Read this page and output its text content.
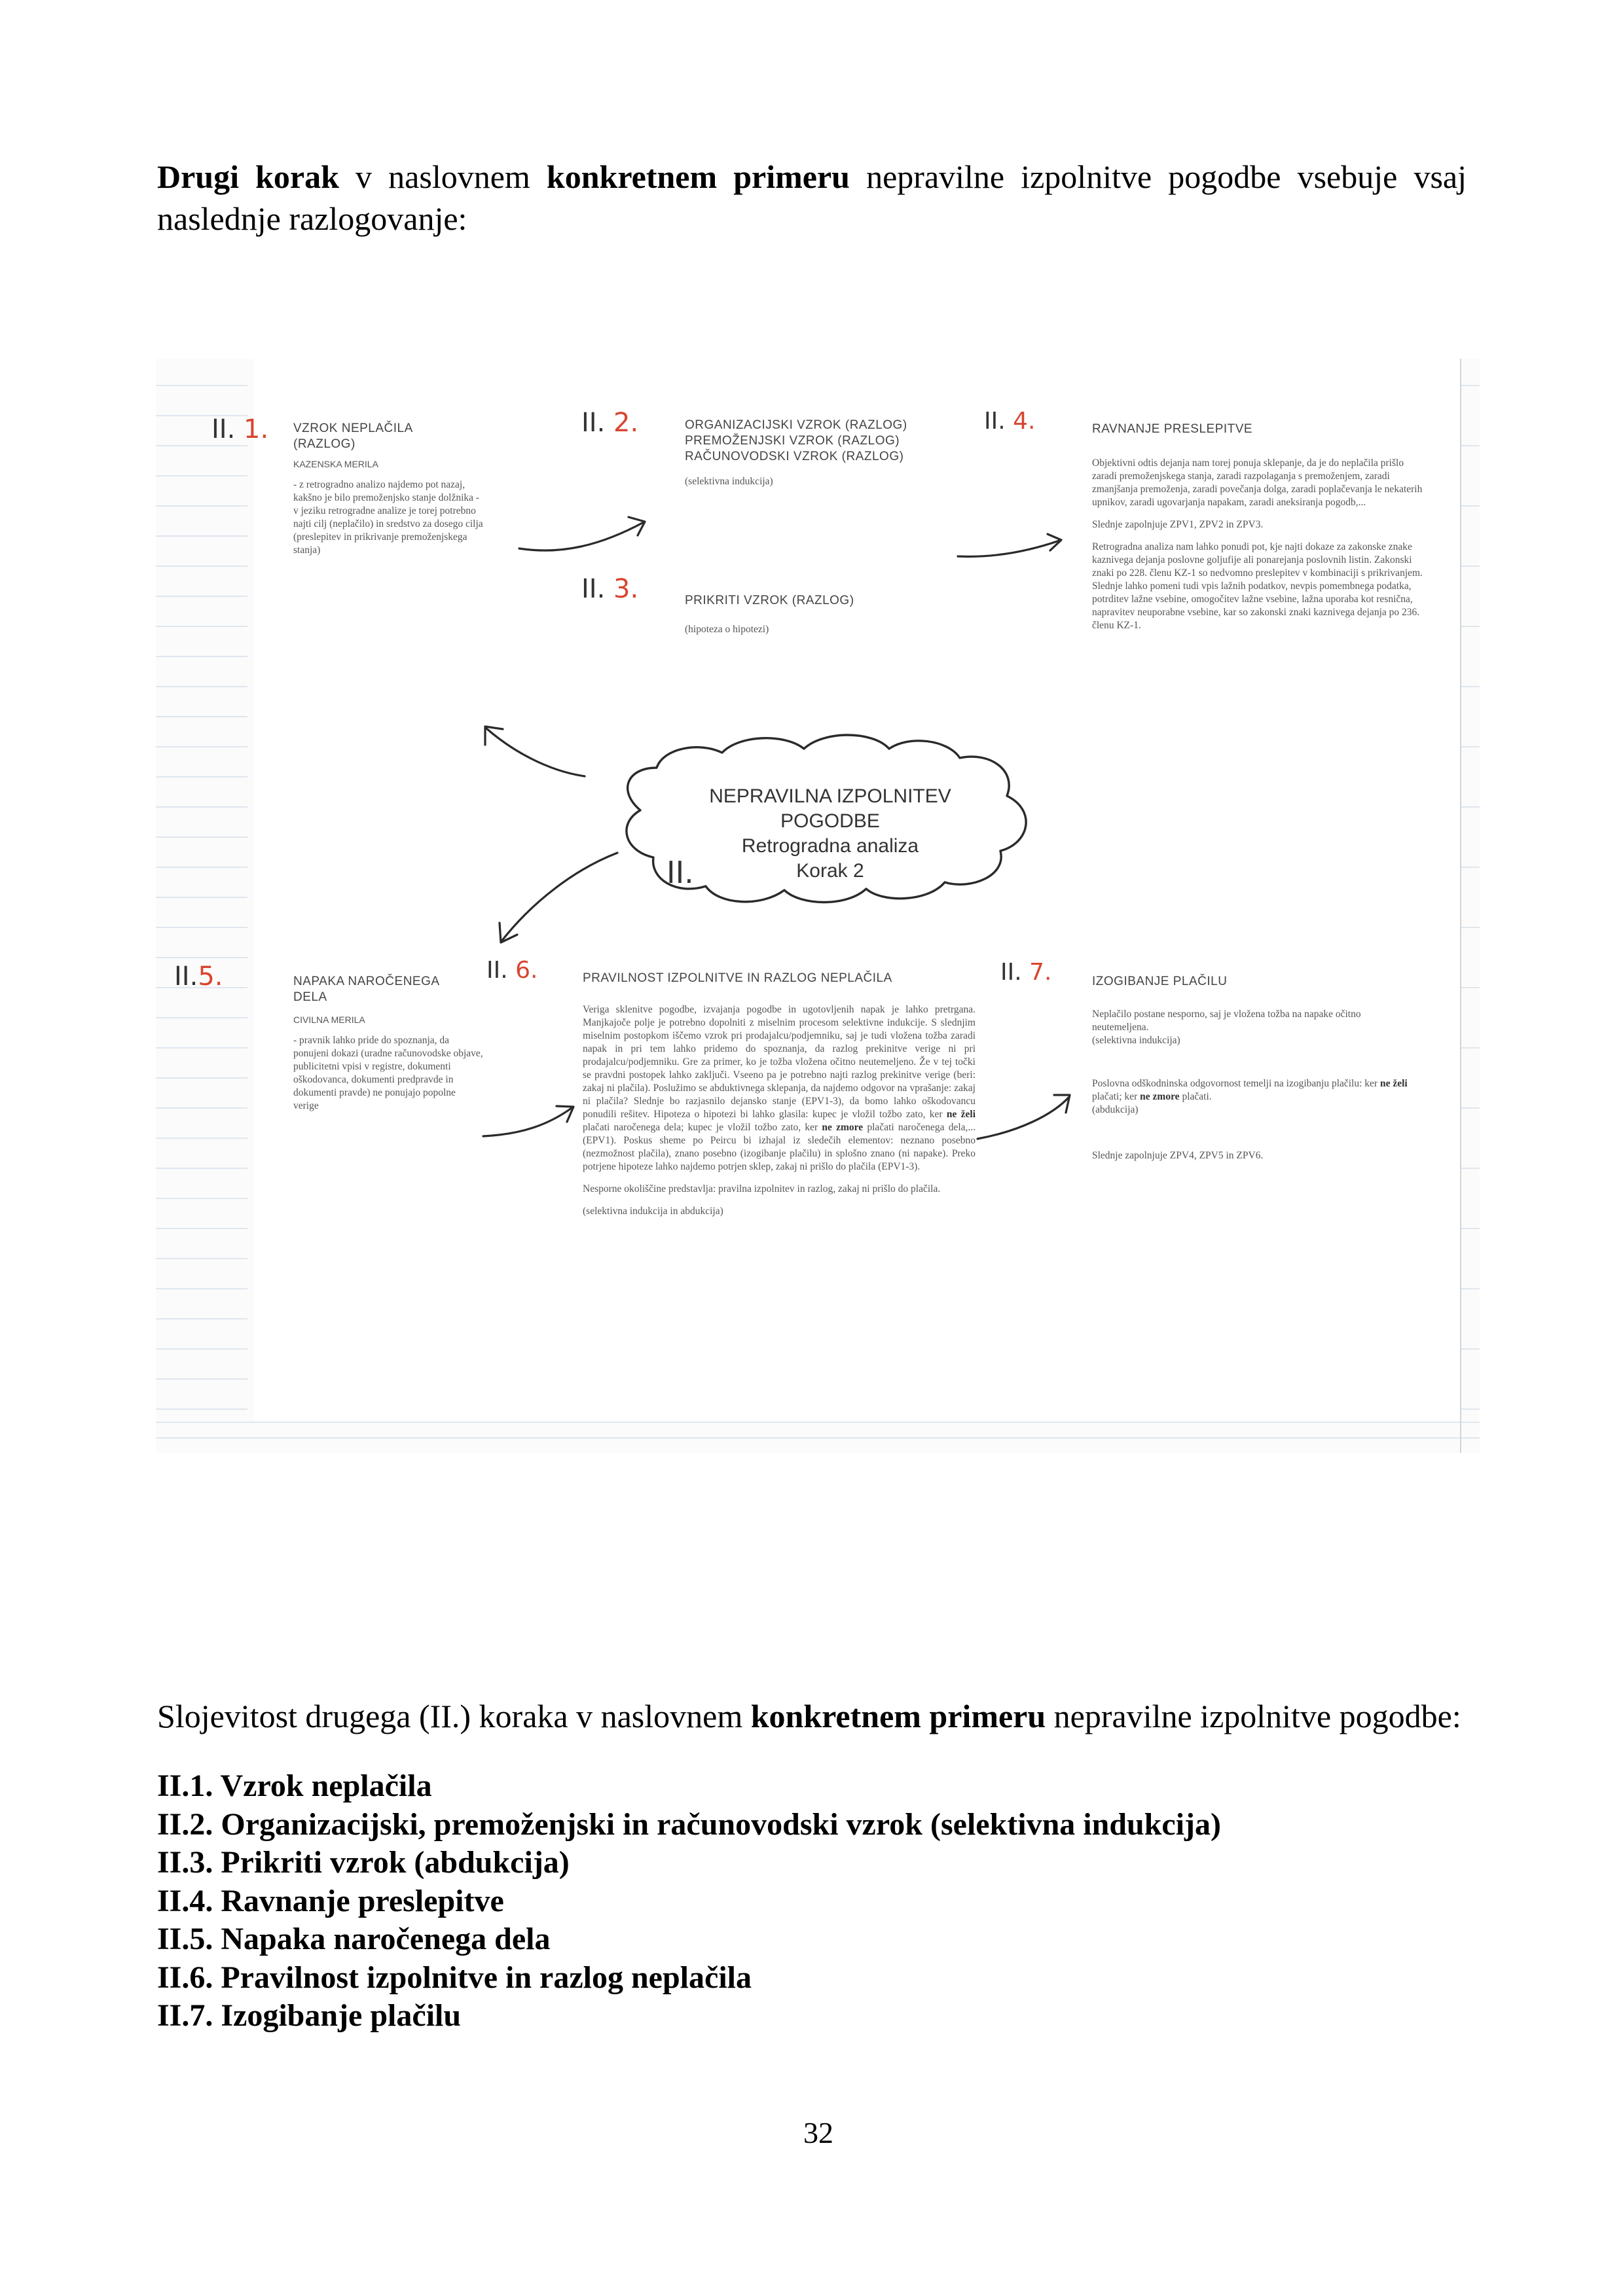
Drugi korak v naslovnem konkretnem primeru nepravilne izpolnitve pogodbe vsebuje vsaj naslednje razlogovanje:

II. 1.	II. 2.
II. 3.
II. 4.
II.5.	II. 6.	II. 7.
VZROK NEPLAČILA (RAZLOG)
KAZENSKA MERILA
- z retrogradno analizo najdemo pot nazaj, kakšno je bilo premoženjsko stanje dolžnika - v jeziku retrogradne analize je torej potrebno najti cilj (neplačilo) in sredstvo za dosego cilja (preslepitev in prikrivanje premoženjskega stanja)
ORGANIZACIJSKI VZROK (RAZLOG)
PREMOŽENJSKI VZROK (RAZLOG)
RAČUNOVODSKI VZROK (RAZLOG)
(selektivna indukcija)
PRIKRITI VZROK (RAZLOG)
(hipoteza o hipotezi)
RAVNANJE PRESLEPITVE
Objektivni odtis dejanja nam torej ponuja sklepanje, da je do neplačila prišlo zaradi premoženjskega stanja, zaradi razpolaganja s premoženjem, zaradi zmanjšanja premoženja, zaradi povečanja dolga, zaradi poplačevanja le nekaterih upnikov, zaradi ugovarjanja napakam, zaradi aneksiranja pogodb,...
Slednje zapolnjuje ZPV1, ZPV2 in ZPV3.
Retrogradna analiza nam lahko ponudi pot, kje najti dokaze za zakonske znake kaznivega dejanja poslovne goljufije ali ponarejanja poslovnih listin. Zakonski znaki po 228. členu KZ-1 so nedvomno preslepitev v kombinaciji s prikrivanjem. Slednje lahko pomeni tudi vpis lažnih podatkov, nevpis pomembnega podatka, potrditev lažne vsebine, omogočitev lažne vsebine, lažna uporaba kot resnična, napravitev neuporabne vsebine, kar so zakonski znaki kaznivega dejanja po 236. členu KZ-1.
NEPRAVILNA IZPOLNITEV POGODBE
Retrogradna analiza
Korak 2
II.
NAPAKA NAROČENEGA DELA
CIVILNA MERILA
- pravnik lahko pride do spoznanja, da ponujeni dokazi (uradne računovodske objave, publicitetni vpisi v registre, dokumenti oškodovanca, dokumenti predpravde in dokumenti pravde) ne ponujajo popolne verige
PRAVILNOST IZPOLNITVE IN RAZLOG NEPLAČILA
Veriga sklenitve pogodbe, izvajanja pogodbe in ugotovljenih napak je lahko pretrgana. Manjkajoče polje je potrebno dopolniti z miselnim procesom selektivne indukcije. S slednjim miselnim postopkom iščemo vzrok pri prodajalcu/podjemniku, saj je tudi vložena tožba zaradi napak in pri tem lahko pridemo do spoznanja, da razlog prekinitve verige ni pri prodajalcu/podjemniku. Gre za primer, ko je tožba vložena očitno neutemeljeno. Že v tej točki se pravdni postopek lahko zaključi. Vseeno pa je potrebno najti razlog prekinitve verige (beri: zakaj ni plačila). Poslužimo se abduktivnega sklepanja, da najdemo odgovor na vprašanje: zakaj ni plačila? Slednje bo razjasnilo dejansko stanje (EPV1-3), da bomo lahko oškodovancu ponudili rešitev. Hipoteza o hipotezi bi lahko glasila: kupec je vložil tožbo zato, ker ne želi plačati naročenega dela; kupec je vložil tožbo zato, ker ne zmore plačati naročenega dela,... (EPV1). Poskus sheme po Peircu bi izhajal iz sledečih elementov: neznano posebno (nezmožnost plačila), znano posebno (izogibanje plačilu) in splošno znano (ni napake). Preko potrjene hipoteze lahko najdemo potrjen sklep, zakaj ni prišlo do plačila (EPV1-3).
Nesporne okoliščine predstavlja: pravilna izpolnitev in razlog, zakaj ni prišlo do plačila.
(selektivna indukcija in abdukcija)
IZOGIBANJE PLAČILU
Neplačilo postane nesporno, saj je vložena tožba na napake očitno neutemeljena.
(selektivna indukcija)
Poslovna odškodninska odgovornost temelji na izogibanju plačilu: ker ne želi plačati; ker ne zmore plačati.
(abdukcija)
Slednje zapolnjuje ZPV4, ZPV5 in ZPV6.

Slojevitost drugega (II.) koraka v naslovnem konkretnem primeru nepravilne izpolnitve pogodbe:

II.1. Vzrok neplačila
II.2. Organizacijski, premoženjski in računovodski vzrok (selektivna indukcija)
II.3. Prikriti vzrok (abdukcija)
II.4. Ravnanje preslepitve
II.5. Napaka naročenega dela
II.6. Pravilnost izpolnitve in razlog neplačila
II.7. Izogibanje plačilu
32
